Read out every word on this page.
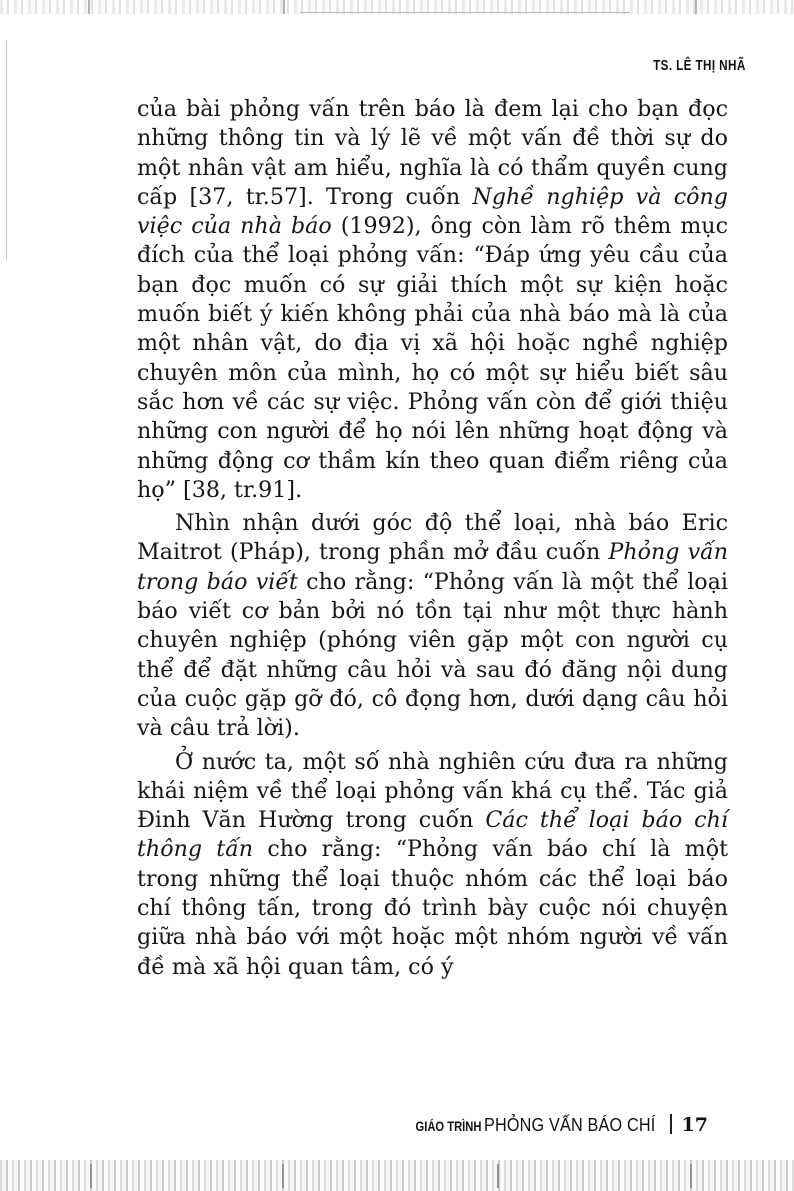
TS. LÊ THỊ NHÃ

của bài phỏng vấn trên báo là đem lại cho bạn đọc những thông tin và lý lẽ về một vấn đề thời sự do một nhân vật am hiểu, nghĩa là có thẩm quyền cung cấp [37, tr.57]. Trong cuốn Nghề nghiệp và công việc của nhà báo (1992), ông còn làm rõ thêm mục đích của thể loại phỏng vấn: “Đáp ứng yêu cầu của bạn đọc muốn có sự giải thích một sự kiện hoặc muốn biết ý kiến không phải của nhà báo mà là của một nhân vật, do địa vị xã hội hoặc nghề nghiệp chuyên môn của mình, họ có một sự hiểu biết sâu sắc hơn về các sự việc. Phỏng vấn còn để giới thiệu những con người để họ nói lên những hoạt động và những động cơ thầm kín theo quan điểm riêng của họ” [38, tr.91].

Nhìn nhận dưới góc độ thể loại, nhà báo Eric Maitrot (Pháp), trong phần mở đầu cuốn Phỏng vấn trong báo viết cho rằng: “Phỏng vấn là một thể loại báo viết cơ bản bởi nó tồn tại như một thực hành chuyên nghiệp (phóng viên gặp một con người cụ thể để đặt những câu hỏi và sau đó đăng nội dung của cuộc gặp gỡ đó, cô đọng hơn, dưới dạng câu hỏi và câu trả lời).

Ở nước ta, một số nhà nghiên cứu đưa ra những khái niệm về thể loại phỏng vấn khá cụ thể. Tác giả Đinh Văn Hường trong cuốn Các thể loại báo chí thông tấn cho rằng: “Phỏng vấn báo chí là một trong những thể loại thuộc nhóm các thể loại báo chí thông tấn, trong đó trình bày cuộc nói chuyện giữa nhà báo với một hoặc một nhóm người về vấn đề mà xã hội quan tâm, có ý

GIÁO TRÌNH PHỎNG VẤN BÁO CHÍ 17
